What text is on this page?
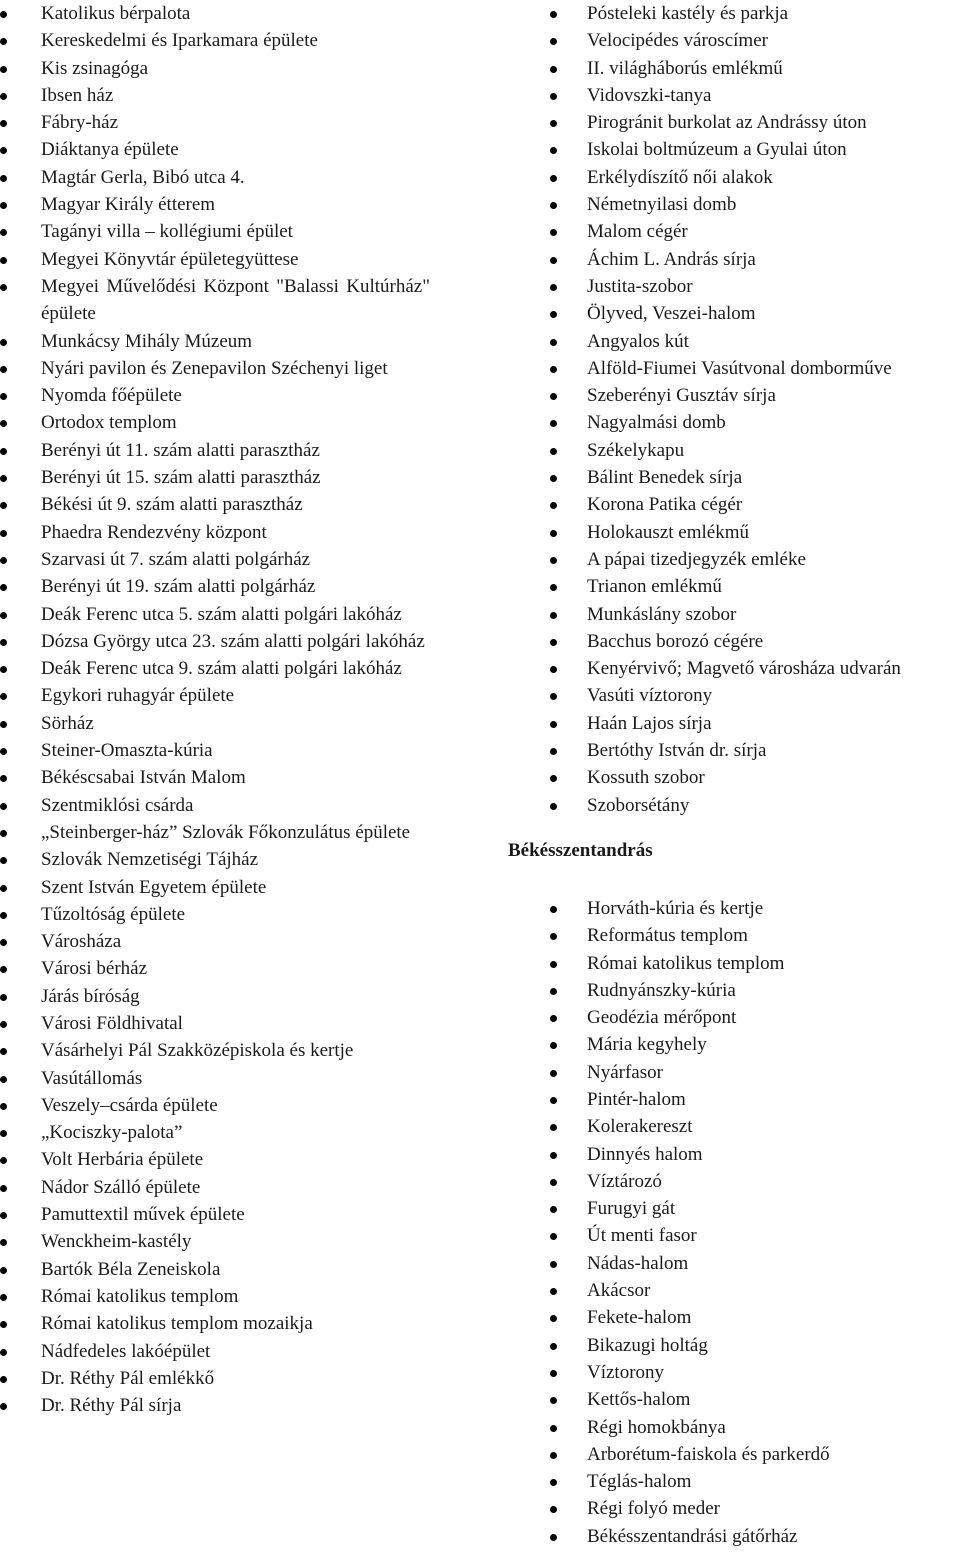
Katolikus bérpalota
Kereskedelmi és Iparkamara épülete
Kis zsinagóga
Ibsen ház
Fábry-ház
Diáktanya épülete
Magtár Gerla, Bibó utca 4.
Magyar Király étterem
Tagányi villa – kollégiumi épület
Megyei Könyvtár épületegyüttese
Megyei Művelődési Központ "Balassi Kultúrház" épülete
Munkácsy Mihály Múzeum
Nyári pavilon és Zenepavilon Széchenyi liget
Nyomda főépülete
Ortodox templom
Berényi út 11. szám alatti parasztház
Berényi út 15. szám alatti parasztház
Békési út 9. szám alatti parasztház
Phaedra Rendezvény központ
Szarvasi út 7. szám alatti polgárház
Berényi út 19. szám alatti polgárház
Deák Ferenc utca 5. szám alatti polgári lakóház
Dózsa György utca 23. szám alatti polgári lakóház
Deák Ferenc utca 9. szám alatti polgári lakóház
Egykori ruhagyár épülete
Sörház
Steiner-Omaszta-kúria
Békéscsabai István Malom
Szentmiklósi csárda
„Steinberger-ház” Szlovák Főkonzulátus épülete
Szlovák Nemzetiségi Tájház
Szent István Egyetem épülete
Tűzoltóság épülete
Városháza
Városi bérház
Járás bíróság
Városi Földhivatal
Vásárhelyi Pál Szakközépiskola és kertje
Vasútállomás
Veszely–csárda épülete
„Kociszky-palota”
Volt Herbária épülete
Nádor Szálló épülete
Pamuttextil művek épülete
Wenckheim-kastély
Bartók Béla Zeneiskola
Római katolikus templom
Római katolikus templom mozaikja
Nádfedeles lakóépület
Dr. Réthy Pál emlékkő
Dr. Réthy Pál sírja
Pósteleki kastély és parkja
Velocipédes városcímer
II. világháborús emlékmű
Vidovszki-tanya
Pirogránit burkolat az Andrássy úton
Iskolai boltmúzeum a Gyulai úton
Erkélydíszítő női alakok
Németnyilasi domb
Malom cégér
Áchim L. András sírja
Justita-szobor
Ölyved, Veszei-halom
Angyalos kút
Alföld-Fiumei Vasútvonal domborműve
Szeberényi Gusztáv sírja
Nagyalmási domb
Székelykapu
Bálint Benedek sírja
Korona Patika cégér
Holokauszt emlékmű
A pápai tizedjegyzék emléke
Trianon emlékmű
Munkáslány szobor
Bacchus borozó cégére
Kenyérvivő; Magvető városháza udvarán
Vasúti víztorony
Haán Lajos sírja
Bertóthy István dr. sírja
Kossuth szobor
Szoborsétány
Békésszentandrás
Horváth-kúria és kertje
Református templom
Római katolikus templom
Rudnyánszky-kúria
Geodézia mérőpont
Mária kegyhely
Nyárfasor
Pintér-halom
Kolerakereszt
Dinnyés halom
Víztározó
Furugyi gát
Út menti fasor
Nádas-halom
Akácsor
Fekete-halom
Bikazugi holtág
Víztorony
Kettős-halom
Régi homokbánya
Arborétum-faiskola és parkerdő
Téglás-halom
Régi folyó meder
Békésszentandrási gátőrház
